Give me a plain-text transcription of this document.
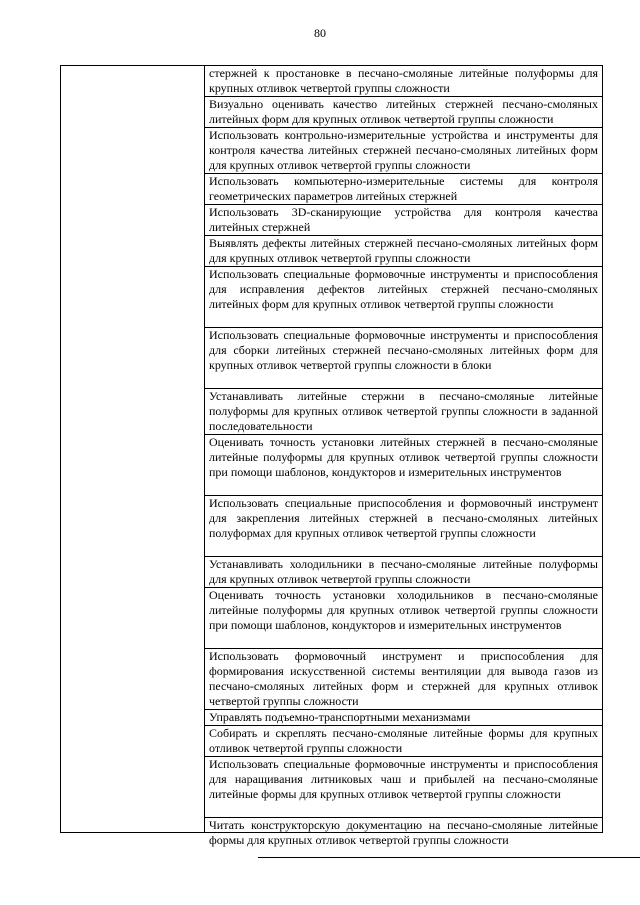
80
стержней к простановке в песчано-смоляные литейные полуформы для крупных отливок четвертой группы сложности
Визуально оценивать качество литейных стержней песчано-смоляных литейных форм для крупных отливок четвертой группы сложности
Использовать контрольно-измерительные устройства и инструменты для контроля качества литейных стержней песчано-смоляных литейных форм для крупных отливок четвертой группы сложности
Использовать компьютерно-измерительные системы для контроля геометрических параметров литейных стержней
Использовать 3D-сканирующие устройства для контроля качества литейных стержней
Выявлять дефекты литейных стержней песчано-смоляных литейных форм для крупных отливок четвертой группы сложности
Использовать специальные формовочные инструменты и приспособления для исправления дефектов литейных стержней песчано-смоляных литейных форм для крупных отливок четвертой группы сложности
Использовать специальные формовочные инструменты и приспособления для сборки литейных стержней песчано-смоляных литейных форм для крупных отливок четвертой группы сложности в блоки
Устанавливать литейные стержни в песчано-смоляные литейные полуформы для крупных отливок четвертой группы сложности в заданной последовательности
Оценивать точность установки литейных стержней в песчано-смоляные литейные полуформы для крупных отливок четвертой группы сложности при помощи шаблонов, кондукторов и измерительных инструментов
Использовать специальные приспособления и формовочный инструмент для закрепления литейных стержней в песчано-смоляных литейных полуформах для крупных отливок четвертой группы сложности
Устанавливать холодильники в песчано-смоляные литейные полуформы для крупных отливок четвертой группы сложности
Оценивать точность установки холодильников в песчано-смоляные литейные полуформы для крупных отливок четвертой группы сложности при помощи шаблонов, кондукторов и измерительных инструментов
Использовать формовочный инструмент и приспособления для формирования искусственной системы вентиляции для вывода газов из песчано-смоляных литейных форм и стержней для крупных отливок четвертой группы сложности
Управлять подъемно-транспортными механизмами
Собирать и скреплять песчано-смоляные литейные формы для крупных отливок четвертой группы сложности
Использовать специальные формовочные инструменты и приспособления для наращивания литниковых чаш и прибылей на песчано-смоляные литейные формы для крупных отливок четвертой группы сложности
Читать конструкторскую документацию на песчано-смоляные литейные формы для крупных отливок четвертой группы сложности
